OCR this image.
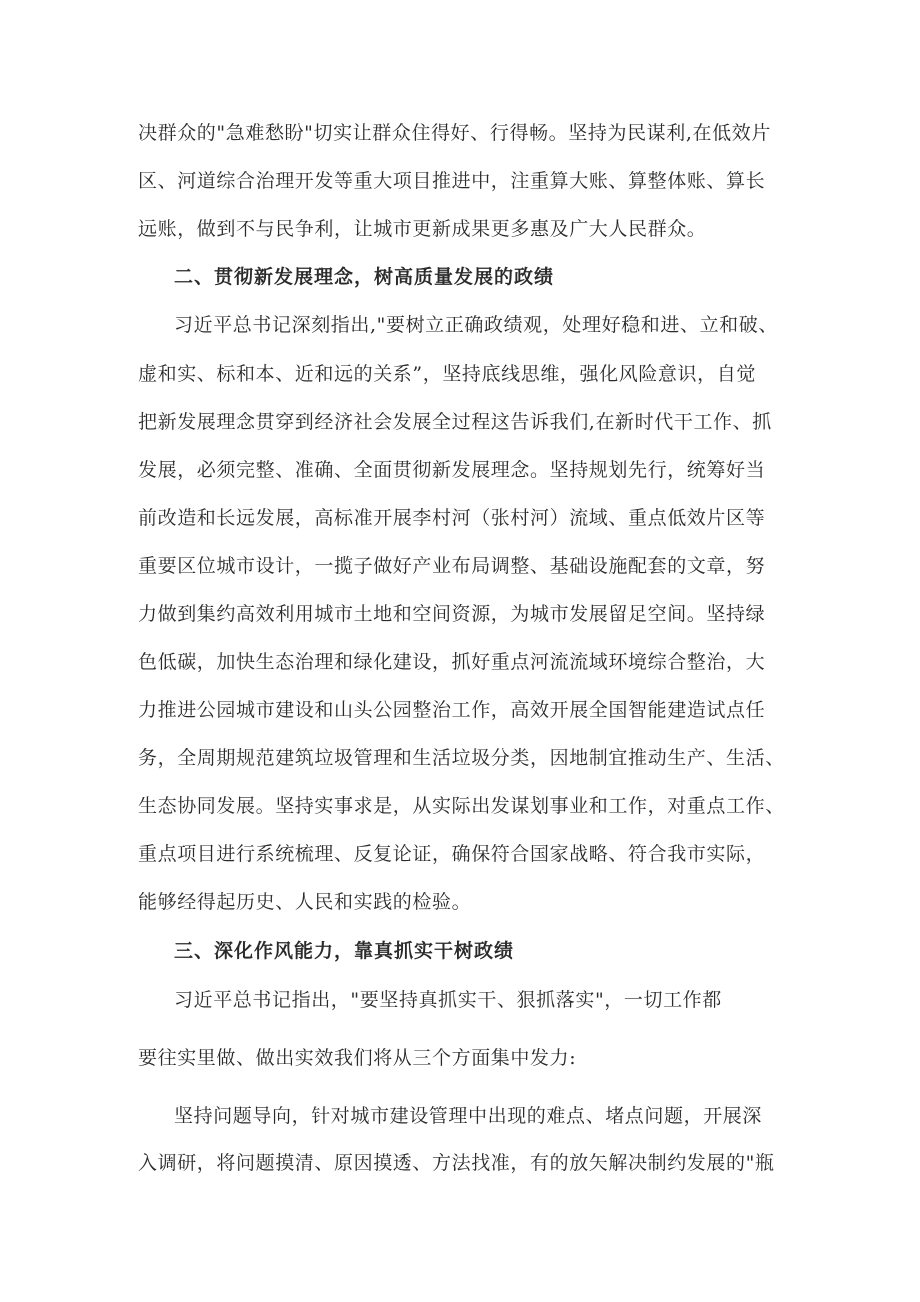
决群众的"急难愁盼"切实让群众住得好、行得畅。坚持为民谋利,在低效片
区、河道综合治理开发等重大项目推进中，注重算大账、算整体账、算长
远账，做到不与民争利，让城市更新成果更多惠及广大人民群众。
二、贯彻新发展理念，树高质量发展的政绩
习近平总书记深刻指出,"要树立正确政绩观，处理好稳和进、立和破、
虚和实、标和本、近和远的关系”，坚持底线思维，强化风险意识，自觉
把新发展理念贯穿到经济社会发展全过程这告诉我们,在新时代干工作、抓
发展，必须完整、准确、全面贯彻新发展理念。坚持规划先行，统筹好当
前改造和长远发展，高标准开展李村河（张村河）流域、重点低效片区等
重要区位城市设计，一揽子做好产业布局调整、基础设施配套的文章，努
力做到集约高效利用城市土地和空间资源，为城市发展留足空间。坚持绿
色低碳，加快生态治理和绿化建设，抓好重点河流流域环境综合整治，大
力推进公园城市建设和山头公园整治工作，高效开展全国智能建造试点任
务，全周期规范建筑垃圾管理和生活垃圾分类，因地制宜推动生产、生活、
生态协同发展。坚持实事求是，从实际出发谋划事业和工作，对重点工作、
重点项目进行系统梳理、反复论证，确保符合国家战略、符合我市实际，
能够经得起历史、人民和实践的检验。
三、深化作风能力，靠真抓实干树政绩
习近平总书记指出，"要坚持真抓实干、狠抓落实"，一切工作都
要往实里做、做出实效我们将从三个方面集中发力:
坚持问题导向，针对城市建设管理中出现的难点、堵点问题，开展深
入调研，将问题摸清、原因摸透、方法找准，有的放矢解决制约发展的"瓶
